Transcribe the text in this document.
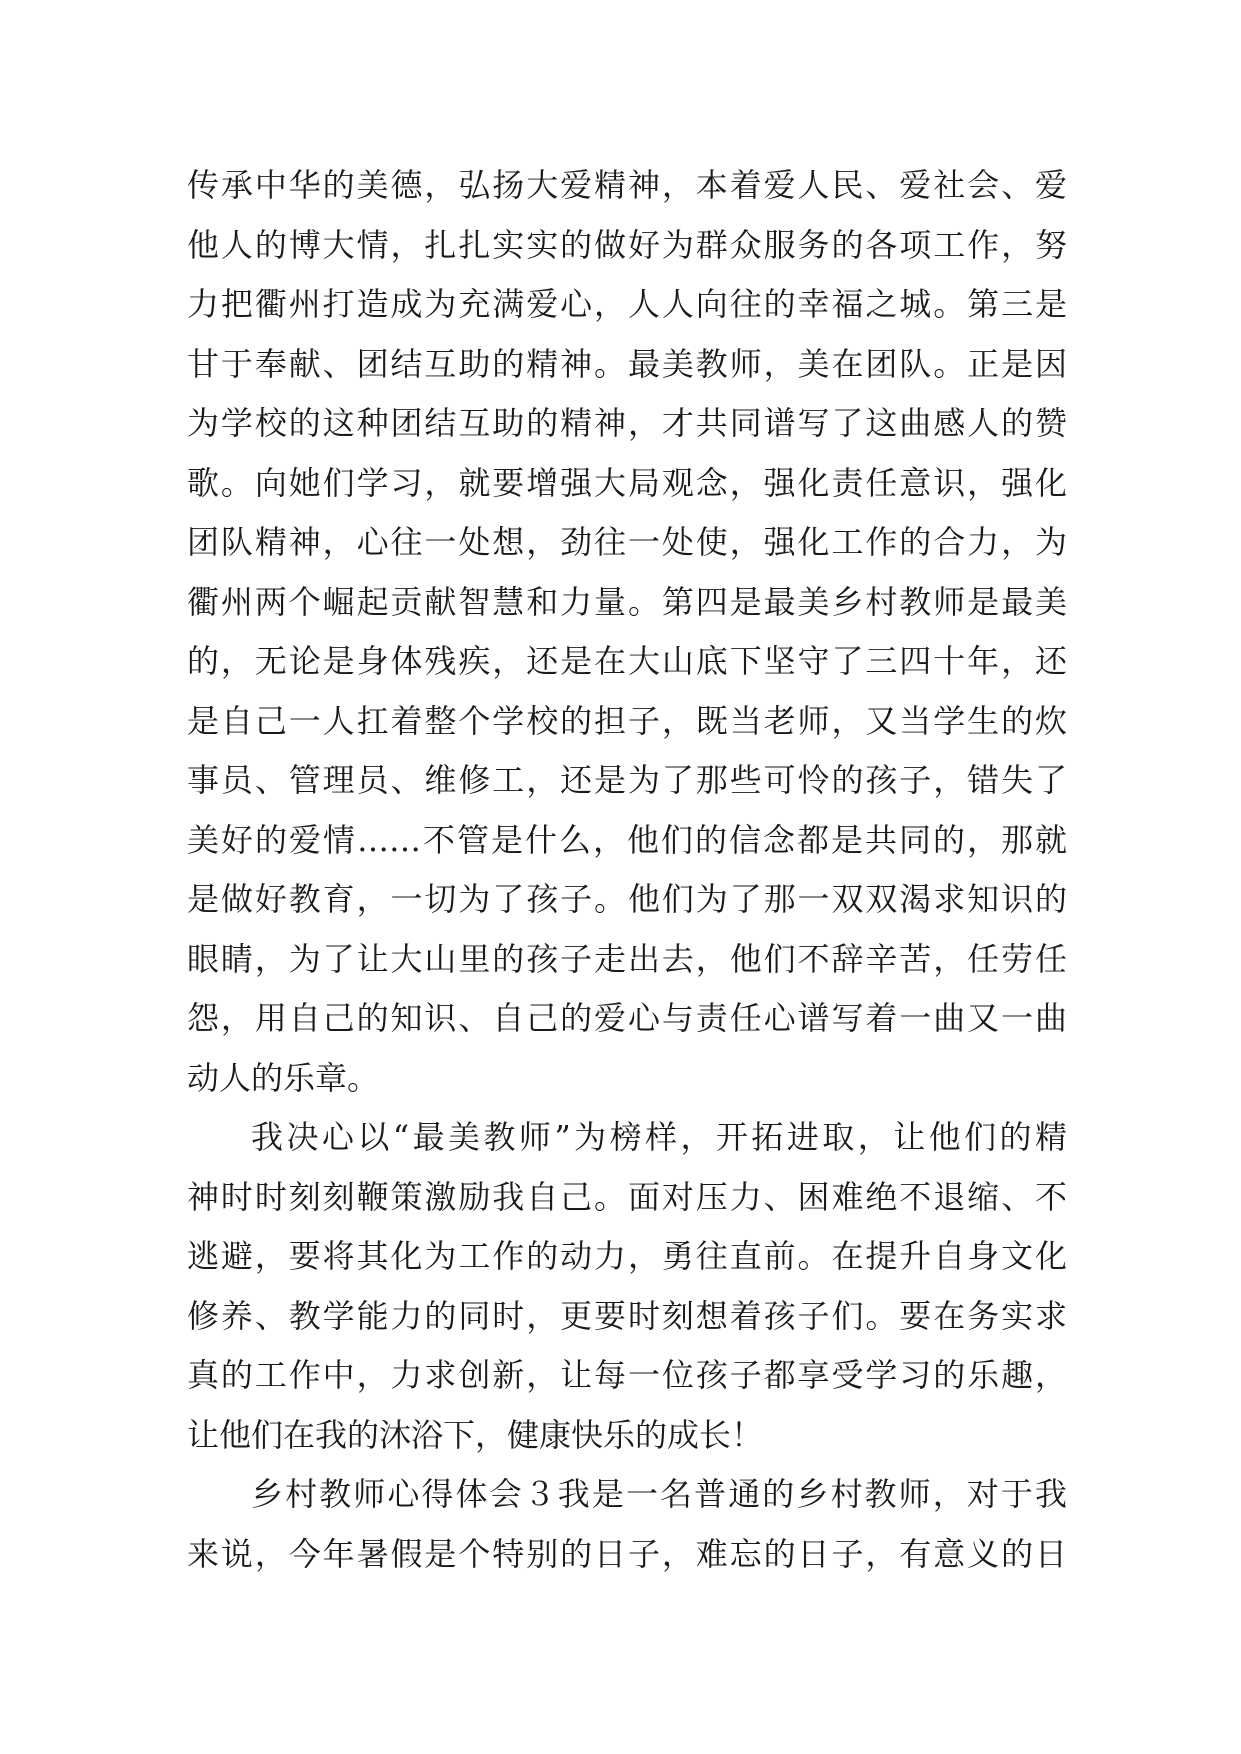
传承中华的美德，弘扬大爱精神，本着爱人民、爱社会、爱
他人的博大情，扎扎实实的做好为群众服务的各项工作，努
力把衢州打造成为充满爱心，人人向往的幸福之城。第三是
甘于奉献、团结互助的精神。最美教师，美在团队。正是因
为学校的这种团结互助的精神，才共同谱写了这曲感人的赞
歌。向她们学习，就要增强大局观念，强化责任意识，强化
团队精神，心往一处想，劲往一处使，强化工作的合力，为
衢州两个崛起贡献智慧和力量。第四是最美乡村教师是最美
的，无论是身体残疾，还是在大山底下坚守了三四十年，还
是自己一人扛着整个学校的担子，既当老师，又当学生的炊
事员、管理员、维修工，还是为了那些可怜的孩子，错失了
美好的爱情……不管是什么，他们的信念都是共同的，那就
是做好教育，一切为了孩子。他们为了那一双双渴求知识的
眼睛，为了让大山里的孩子走出去，他们不辞辛苦，任劳任
怨，用自己的知识、自己的爱心与责任心谱写着一曲又一曲
动人的乐章。
我决心以“最美教师”为榜样，开拓进取，让他们的精
神时时刻刻鞭策激励我自己。面对压力、困难绝不退缩、不
逃避，要将其化为工作的动力，勇往直前。在提升自身文化
修养、教学能力的同时，更要时刻想着孩子们。要在务实求
真的工作中，力求创新，让每一位孩子都享受学习的乐趣，
让他们在我的沐浴下，健康快乐的成长！
乡村教师心得体会３我是一名普通的乡村教师，对于我
来说，今年暑假是个特别的日子，难忘的日子，有意义的日
